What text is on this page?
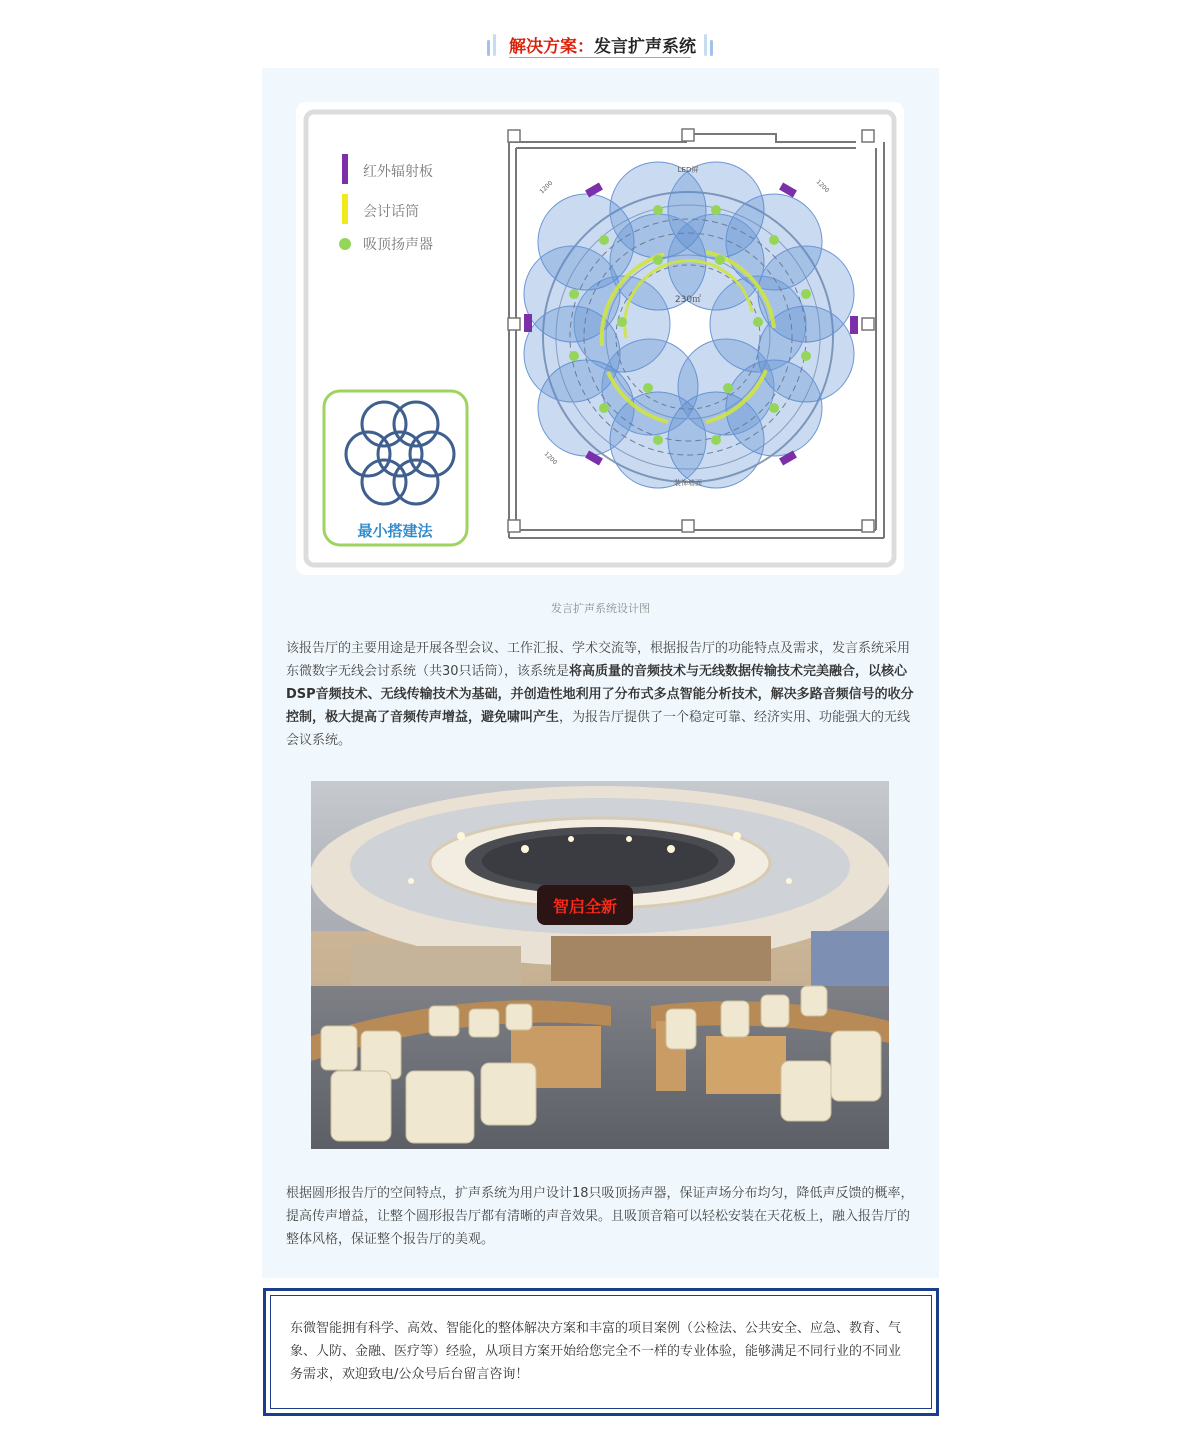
解决方案：发言扩声系统
红外辐射板
会讨话筒
吸顶扬声器
最小搭建法
LED屏
230㎡
装饰墙面
1200	1200
1200
发言扩声系统设计图
该报告厅的主要用途是开展各型会议、工作汇报、学术交流等，根据报告厅的功能特点及需求，发言系统采用东微数字无线会讨系统（共30只话筒），该系统是将高质量的音频技术与无线数据传输技术完美融合，以核心DSP音频技术、无线传输技术为基础，并创造性地利用了分布式多点智能分析技术，解决多路音频信号的收分控制，极大提高了音频传声增益，避免啸叫产生，为报告厅提供了一个稳定可靠、经济实用、功能强大的无线会议系统。
智启全新
根据圆形报告厅的空间特点，扩声系统为用户设计18只吸顶扬声器，保证声场分布均匀，降低声反馈的概率，提高传声增益，让整个圆形报告厅都有清晰的声音效果。且吸顶音箱可以轻松安装在天花板上，融入报告厅的整体风格，保证整个报告厅的美观。
东微智能拥有科学、高效、智能化的整体解决方案和丰富的项目案例（公检法、公共安全、应急、教育、气象、人防、金融、医疗等）经验，从项目方案开始给您完全不一样的专业体验，能够满足不同行业的不同业务需求，欢迎致电/公众号后台留言咨询！
